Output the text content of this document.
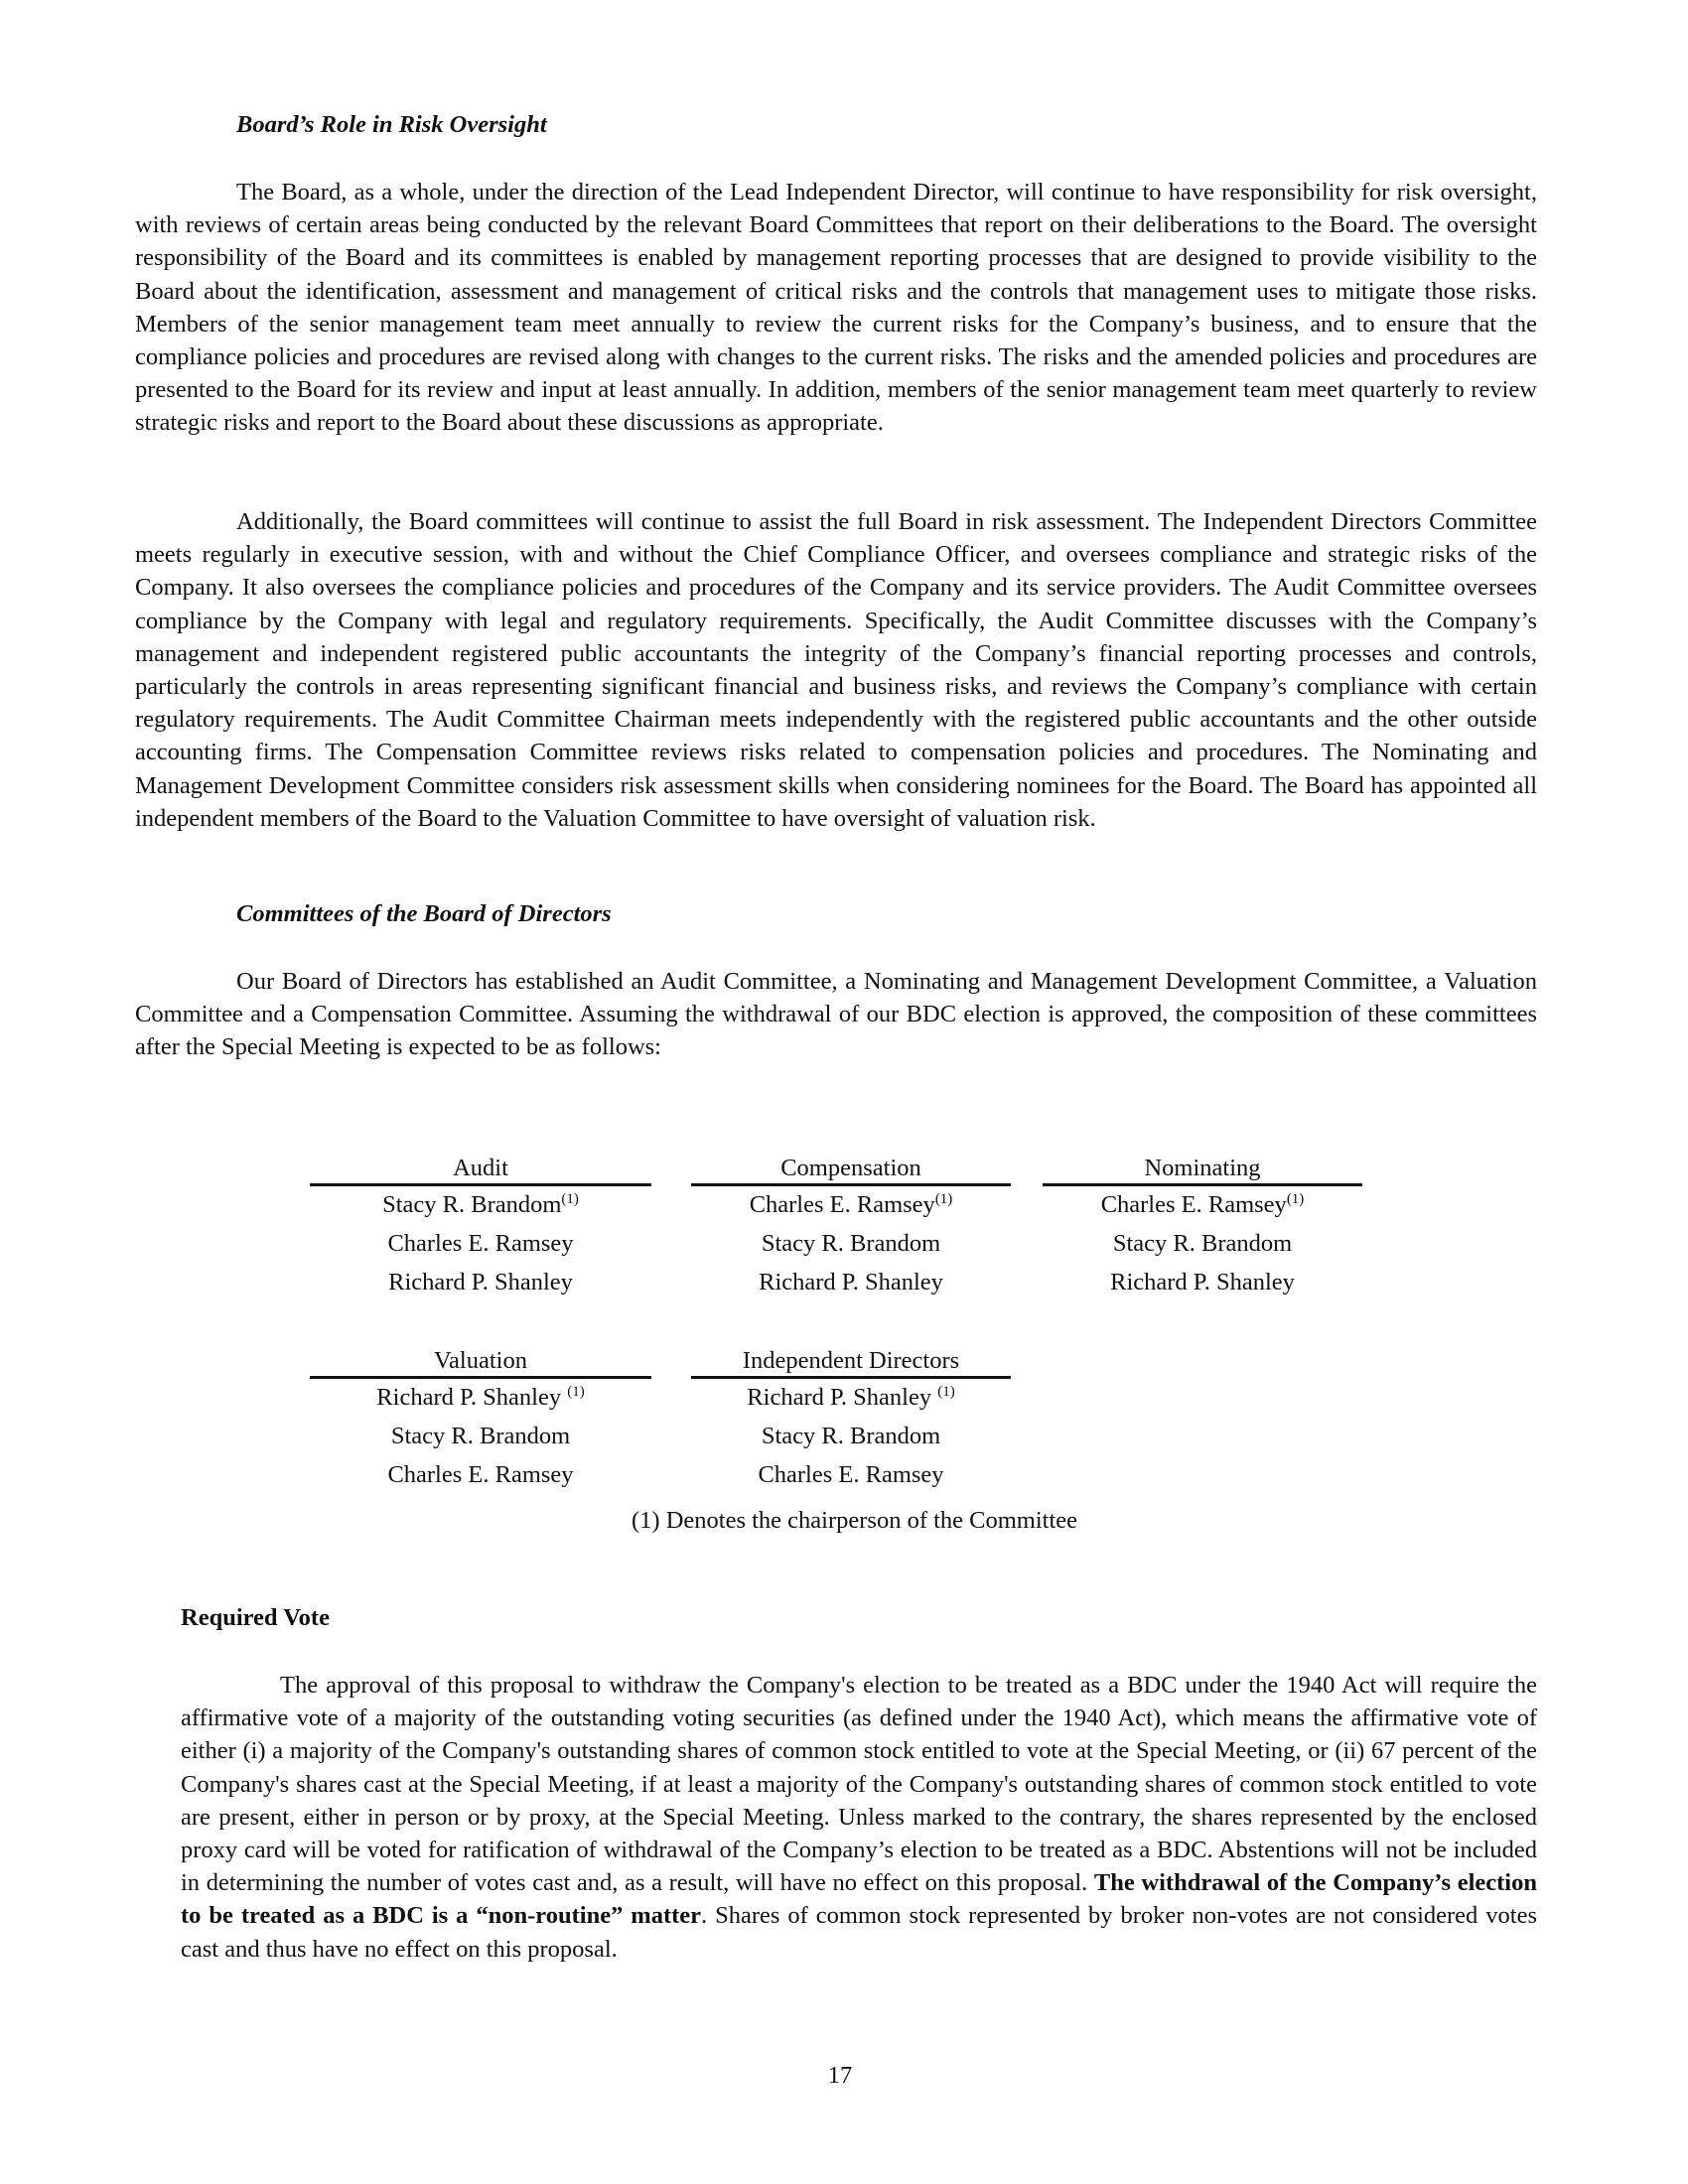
Board’s Role in Risk Oversight

The Board, as a whole, under the direction of the Lead Independent Director, will continue to have responsibility for risk oversight, with reviews of certain areas being conducted by the relevant Board Committees that report on their deliberations to the Board. The oversight responsibility of the Board and its committees is enabled by management reporting processes that are designed to provide visibility to the Board about the identification, assessment and management of critical risks and the controls that management uses to mitigate those risks. Members of the senior management team meet annually to review the current risks for the Company’s business, and to ensure that the compliance policies and procedures are revised along with changes to the current risks. The risks and the amended policies and procedures are presented to the Board for its review and input at least annually. In addition, members of the senior management team meet quarterly to review strategic risks and report to the Board about these discussions as appropriate.

Additionally, the Board committees will continue to assist the full Board in risk assessment. The Independent Directors Committee meets regularly in executive session, with and without the Chief Compliance Officer, and oversees compliance and strategic risks of the Company. It also oversees the compliance policies and procedures of the Company and its service providers. The Audit Committee oversees compliance by the Company with legal and regulatory requirements. Specifically, the Audit Committee discusses with the Company’s management and independent registered public accountants the integrity of the Company’s financial reporting processes and controls, particularly the controls in areas representing significant financial and business risks, and reviews the Company’s compliance with certain regulatory requirements. The Audit Committee Chairman meets independently with the registered public accountants and the other outside accounting firms. The Compensation Committee reviews risks related to compensation policies and procedures. The Nominating and Management Development Committee considers risk assessment skills when considering nominees for the Board. The Board has appointed all independent members of the Board to the Valuation Committee to have oversight of valuation risk.

Committees of the Board of Directors

Our Board of Directors has established an Audit Committee, a Nominating and Management Development Committee, a Valuation Committee and a Compensation Committee. Assuming the withdrawal of our BDC election is approved, the composition of these committees after the Special Meeting is expected to be as follows:

Audit
Stacy R. Brandom$^{(1)}$
Charles E. Ramsey
Richard P. Shanley
Compensation
Charles E. Ramsey$^{(1)}$
Stacy R. Brandom
Richard P. Shanley
Nominating
Charles E. Ramsey$^{(1)}$
Stacy R. Brandom
Richard P. Shanley
Valuation
Richard P. Shanley $^{(1)}$
Stacy R. Brandom
Charles E. Ramsey
Independent Directors
Richard P. Shanley $^{(1)}$
Stacy R. Brandom
Charles E. Ramsey
(1) Denotes the chairperson of the Committee

Required Vote

The approval of this proposal to withdraw the Company's election to be treated as a BDC under the 1940 Act will require the affirmative vote of a majority of the outstanding voting securities (as defined under the 1940 Act), which means the affirmative vote of either (i) a majority of the Company's outstanding shares of common stock entitled to vote at the Special Meeting, or (ii) 67 percent of the Company's shares cast at the Special Meeting, if at least a majority of the Company's outstanding shares of common stock entitled to vote are present, either in person or by proxy, at the Special Meeting. Unless marked to the contrary, the shares represented by the enclosed proxy card will be voted for ratification of withdrawal of the Company’s election to be treated as a BDC. Abstentions will not be included in determining the number of votes cast and, as a result, will have no effect on this proposal. The withdrawal of the Company’s election to be treated as a BDC is a “non-routine” matter. Shares of common stock represented by broker non-votes are not considered votes cast and thus have no effect on this proposal.

17
